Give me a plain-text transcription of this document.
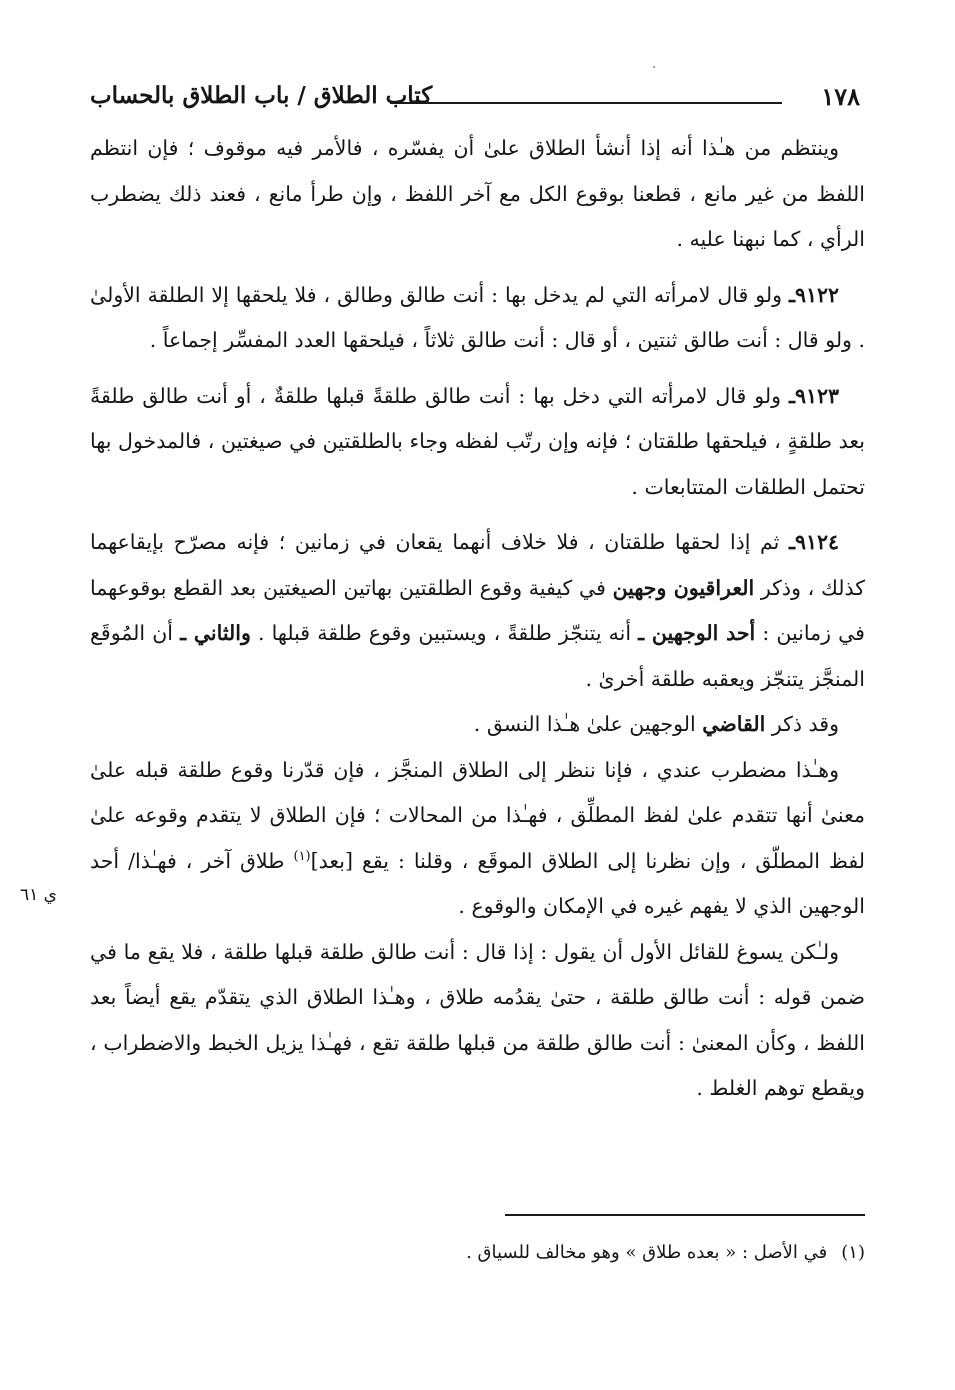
١٧٨
كتاب الطلاق / باب الطلاق بالحساب

وينتظم من هـٰذا أنه إذا أنشأ الطلاق علىٰ أن يفسّره ، فالأمر فيه موقوف ؛ فإن انتظم اللفظ من غير مانع ، قطعنا بوقوع الكل مع آخر اللفظ ، وإن طرأ مانع ، فعند ذلك يضطرب الرأي ، كما نبهنا عليه .

٩١٢٢ـ ولو قال لامرأته التي لم يدخل بها : أنت طالق وطالق ، فلا يلحقها إلا الطلقة الأولىٰ . ولو قال : أنت طالق ثنتين ، أو قال : أنت طالق ثلاثاً ، فيلحقها العدد المفسِّر إجماعاً .

٩١٢٣ـ ولو قال لامرأته التي دخل بها : أنت طالق طلقةً قبلها طلقةٌ ، أو أنت طالق طلقةً بعد طلقةٍ ، فيلحقها طلقتان ؛ فإنه وإن رتّب لفظه وجاء بالطلقتين في صيغتين ، فالمدخول بها تحتمل الطلقات المتتابعات .

٩١٢٤ـ ثم إذا لحقها طلقتان ، فلا خلاف أنهما يقعان في زمانين ؛ فإنه مصرّح بإيقاعهما كذلك ، وذكر العراقيون وجهين في كيفية وقوع الطلقتين بهاتين الصيغتين بعد القطع بوقوعهما في زمانين : أحد الوجهين ـ أنه يتنجّز طلقةً ، ويستبين وقوع طلقة قبلها . والثاني ـ أن المُوقَع المنجَّز يتنجّز ويعقبه طلقة أخرىٰ .

وقد ذكر القاضي الوجهين علىٰ هـٰذا النسق .

وهـٰذا مضطرب عندي ، فإنا ننظر إلى الطلاق المنجَّز ، فإن قدّرنا وقوع طلقة قبله علىٰ معنىٰ أنها تتقدم علىٰ لفظ المطلِّق ، فهـٰذا من المحالات ؛ فإن الطلاق لا يتقدم وقوعه علىٰ لفظ المطلّق ، وإن نظرنا إلى الطلاق الموقَع ، وقلنا : يقع [بعد]$^{(١)}$ طلاق آخر ، فهـٰذا/ أحد الوجهين الذي لا يفهم غيره في الإمكان والوقوع .

ي ٦١

ولـٰكن يسوغ للقائل الأول أن يقول : إذا قال : أنت طالق طلقة قبلها طلقة ، فلا يقع ما في ضمن قوله : أنت طالق طلقة ، حتىٰ يقدُمه طلاق ، وهـٰذا الطلاق الذي يتقدّم يقع أيضاً بعد اللفظ ، وكأن المعنىٰ : أنت طالق طلقة من قبلها طلقة تقع ، فهـٰذا يزيل الخبط والاضطراب ، ويقطع توهم الغلط .

(١)في الأصل : « بعده طلاق » وهو مخالف للسياق .
